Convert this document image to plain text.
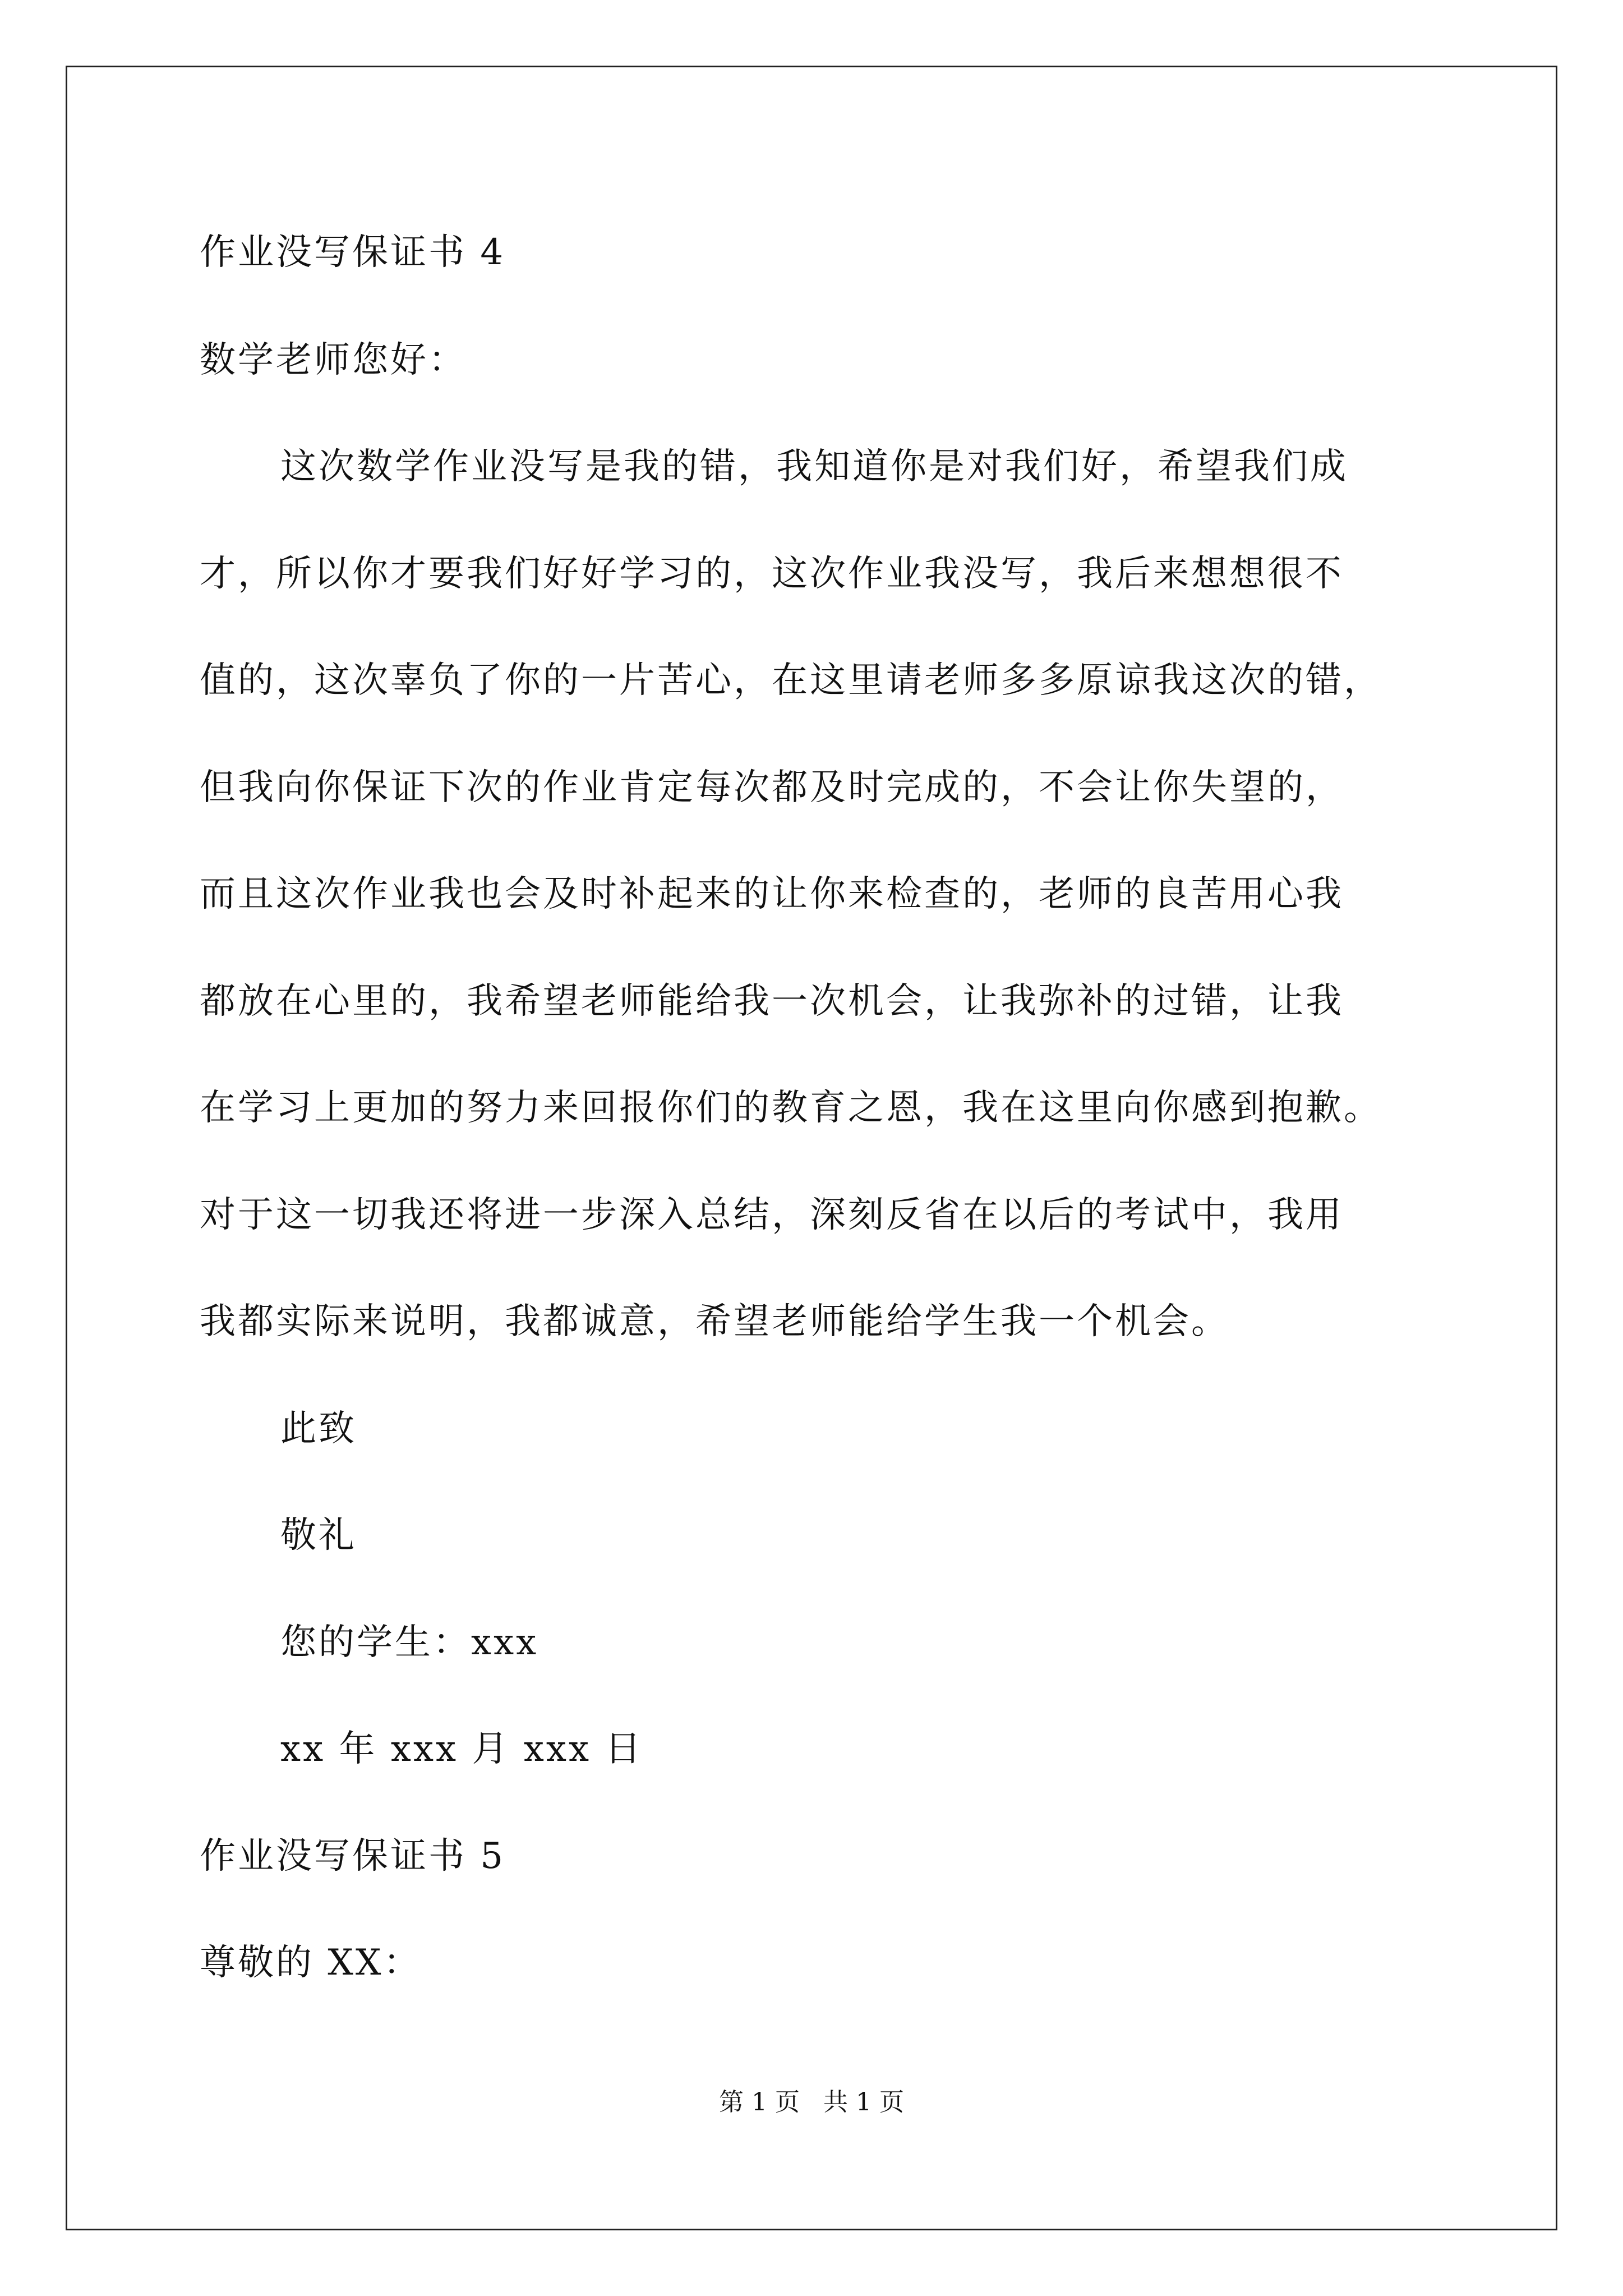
作业没写保证书 4
数学老师您好：
这次数学作业没写是我的错，我知道你是对我们好，希望我们成
才，所以你才要我们好好学习的，这次作业我没写，我后来想想很不
值的，这次辜负了你的一片苦心，在这里请老师多多原谅我这次的错，
但我向你保证下次的作业肯定每次都及时完成的，不会让你失望的，
而且这次作业我也会及时补起来的让你来检查的，老师的良苦用心我
都放在心里的，我希望老师能给我一次机会，让我弥补的过错，让我
在学习上更加的努力来回报你们的教育之恩，我在这里向你感到抱歉。
对于这一切我还将进一步深入总结，深刻反省在以后的考试中，我用
我都实际来说明，我都诚意，希望老师能给学生我一个机会。
此致
敬礼
您的学生：xxx
xx 年 xxx 月 xxx 日
作业没写保证书 5
尊敬的 XX：
第 1 页   共 1 页
